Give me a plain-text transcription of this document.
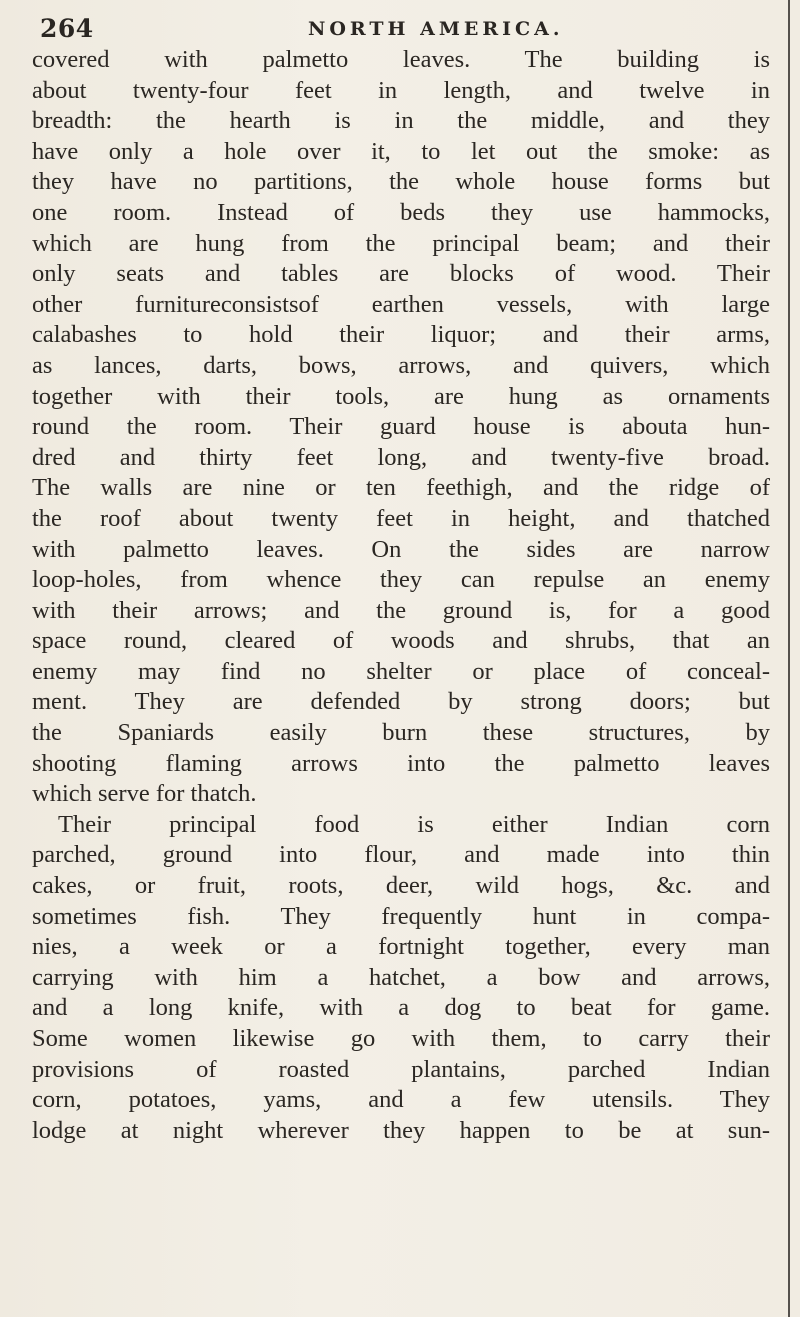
264	NORTH AMERICA.
covered with palmetto leaves. The building is
about twenty-four feet in length, and twelve in
breadth: the hearth is in the middle, and they
have only a hole over it, to let out the smoke: as
they have no partitions, the whole house forms but
one room. Instead of beds they use hammocks,
which are hung from the principal beam; and their
only seats and tables are blocks of wood. Their
other furnitureconsistsof earthen vessels, with large
calabashes to hold their liquor; and their arms,
as lances, darts, bows, arrows, and quivers, which
together with their tools, are hung as ornaments
round the room. Their guard house is abouta hun-
dred and thirty feet long, and twenty-five broad.
The walls are nine or ten feethigh, and the ridge of
the roof about twenty feet in height, and thatched
with palmetto leaves. On the sides are narrow
loop-holes, from whence they can repulse an enemy
with their arrows; and the ground is, for a good
space round, cleared of woods and shrubs, that an
enemy may find no shelter or place of conceal-
ment. They are defended by strong doors; but
the Spaniards easily burn these structures, by
shooting flaming arrows into the palmetto leaves
which serve for thatch.
Their principal food is either Indian corn
parched, ground into flour, and made into thin
cakes, or fruit, roots, deer, wild hogs, &c. and
sometimes fish. They frequently hunt in compa-
nies, a week or a fortnight together, every man
carrying with him a hatchet, a bow and arrows,
and a long knife, with a dog to beat for game.
Some women likewise go with them, to carry their
provisions of roasted plantains, parched Indian
corn, potatoes, yams, and a few utensils. They
lodge at night wherever they happen to be at sun-
